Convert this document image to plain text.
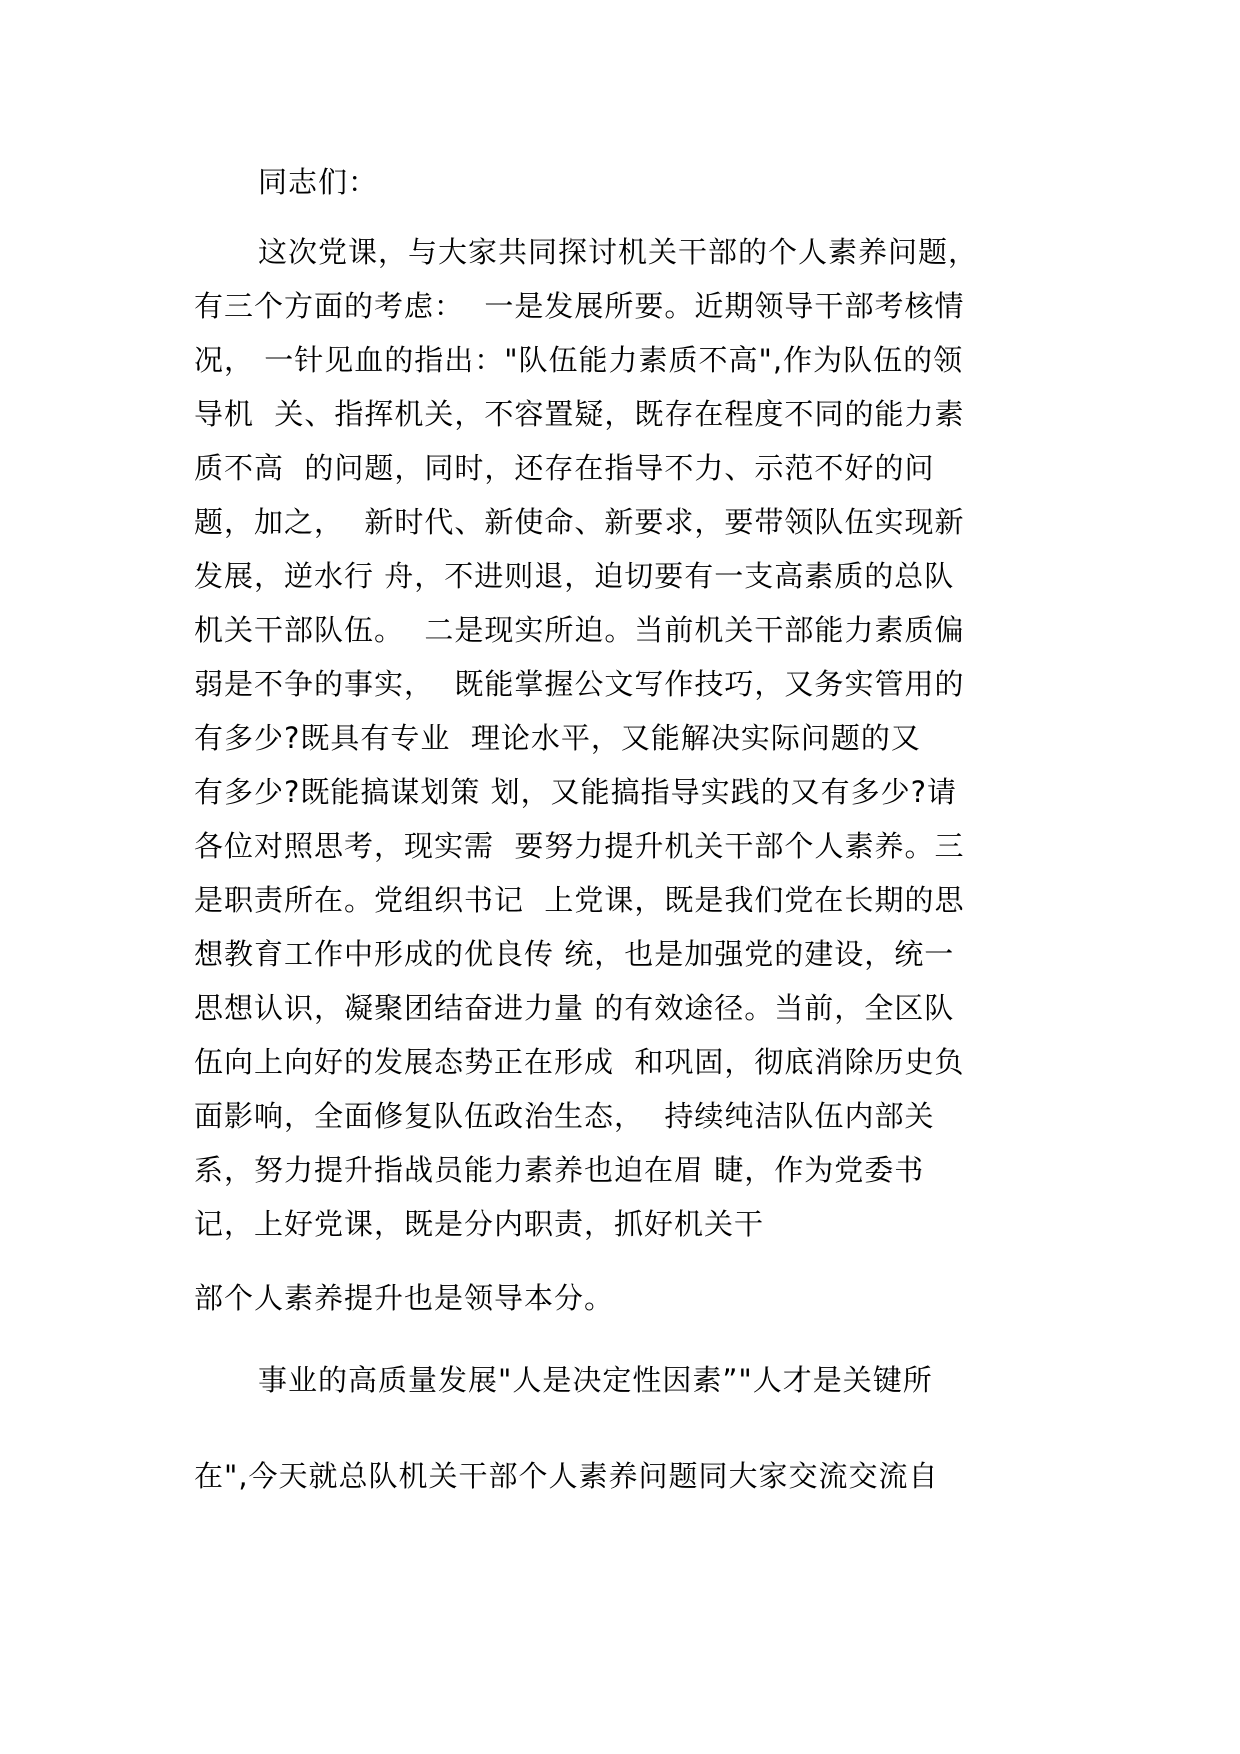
同志们：
这次党课，与大家共同探讨机关干部的个人素养问题，
有三个方面的考虑：  一是发展所要。近期领导干部考核情
况， 一针见血的指出："队伍能力素质不高",作为队伍的领
导机  关、指挥机关，不容置疑，既存在程度不同的能力素
质不高  的问题，同时，还存在指导不力、示范不好的问
题，加之，  新时代、新使命、新要求，要带领队伍实现新
发展，逆水行 舟，不进则退，迫切要有一支高素质的总队
机关干部队伍。  二是现实所迫。当前机关干部能力素质偏
弱是不争的事实，  既能掌握公文写作技巧，又务实管用的
有多少?既具有专业  理论水平，又能解决实际问题的又
有多少?既能搞谋划策 划，又能搞指导实践的又有多少?请
各位对照思考，现实需  要努力提升机关干部个人素养。三
是职责所在。党组织书记  上党课，既是我们党在长期的思
想教育工作中形成的优良传 统，也是加强党的建设，统一
思想认识，凝聚团结奋进力量 的有效途径。当前，全区队
伍向上向好的发展态势正在形成  和巩固，彻底消除历史负
面影响，全面修复队伍政治生态，  持续纯洁队伍内部关
系，努力提升指战员能力素养也迫在眉 睫，作为党委书
记，上好党课，既是分内职责，抓好机关干
部个人素养提升也是领导本分。
事业的高质量发展"人是决定性因素”"人才是关键所
在",今天就总队机关干部个人素养问题同大家交流交流自
